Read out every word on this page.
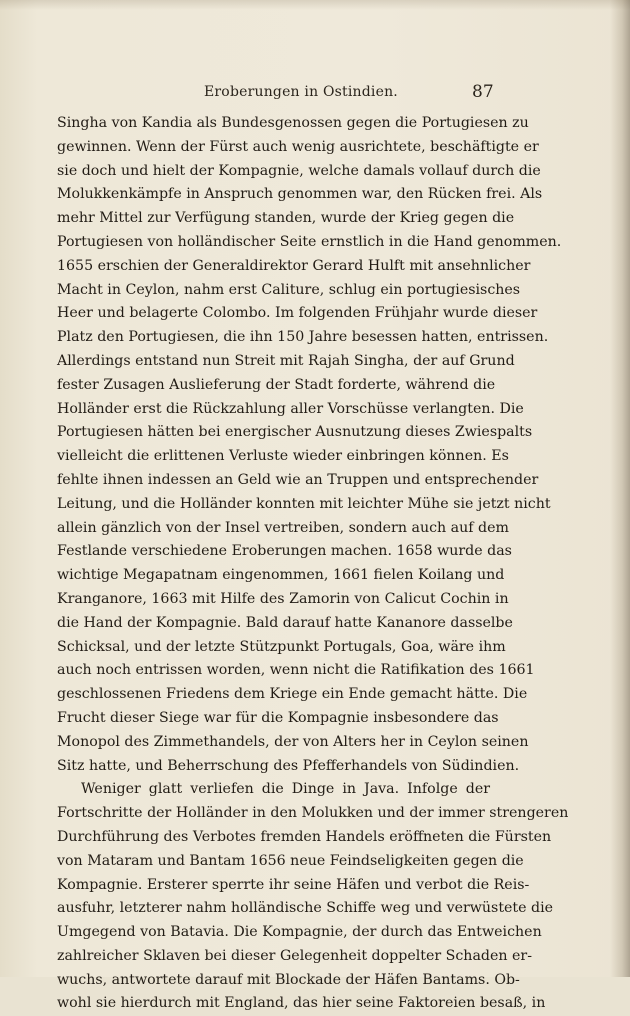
Eroberungen in Ostindien.	87
Singha von Kandia als Bundesgenossen gegen die Portugiesen zu
gewinnen. Wenn der Fürst auch wenig ausrichtete, beschäftigte er
sie doch und hielt der Kompagnie, welche damals vollauf durch die
Molukkenkämpfe in Anspruch genommen war, den Rücken frei. Als
mehr Mittel zur Verfügung standen, wurde der Krieg gegen die
Portugiesen von holländischer Seite ernstlich in die Hand genommen.
1655 erschien der Generaldirektor Gerard Hulft mit ansehnlicher
Macht in Ceylon, nahm erst Caliture, schlug ein portugiesisches
Heer und belagerte Colombo. Im folgenden Frühjahr wurde dieser
Platz den Portugiesen, die ihn 150 Jahre besessen hatten, entrissen.
Allerdings entstand nun Streit mit Rajah Singha, der auf Grund
fester Zusagen Auslieferung der Stadt forderte, während die
Holländer erst die Rückzahlung aller Vorschüsse verlangten. Die
Portugiesen hätten bei energischer Ausnutzung dieses Zwiespalts
vielleicht die erlittenen Verluste wieder einbringen können. Es
fehlte ihnen indessen an Geld wie an Truppen und entsprechender
Leitung, und die Holländer konnten mit leichter Mühe sie jetzt nicht
allein gänzlich von der Insel vertreiben, sondern auch auf dem
Festlande verschiedene Eroberungen machen. 1658 wurde das
wichtige Megapatnam eingenommen, 1661 fielen Koilang und
Kranganore, 1663 mit Hilfe des Zamorin von Calicut Cochin in
die Hand der Kompagnie. Bald darauf hatte Kananore dasselbe
Schicksal, und der letzte Stützpunkt Portugals, Goa, wäre ihm
auch noch entrissen worden, wenn nicht die Ratifikation des 1661
geschlossenen Friedens dem Kriege ein Ende gemacht hätte. Die
Frucht dieser Siege war für die Kompagnie insbesondere das
Monopol des Zimmethandels, der von Alters her in Ceylon seinen
Sitz hatte, und Beherrschung des Pfefferhandels von Südindien.
Weniger glatt verliefen die Dinge in Java. Infolge der
Fortschritte der Holländer in den Molukken und der immer strengeren
Durchführung des Verbotes fremden Handels eröffneten die Fürsten
von Mataram und Bantam 1656 neue Feindseligkeiten gegen die
Kompagnie. Ersterer sperrte ihr seine Häfen und verbot die Reis-
ausfuhr, letzterer nahm holländische Schiffe weg und verwüstete die
Umgegend von Batavia. Die Kompagnie, der durch das Entweichen
zahlreicher Sklaven bei dieser Gelegenheit doppelter Schaden er-
wuchs, antwortete darauf mit Blockade der Häfen Bantams. Ob-
wohl sie hierdurch mit England, das hier seine Faktoreien besaß, in
